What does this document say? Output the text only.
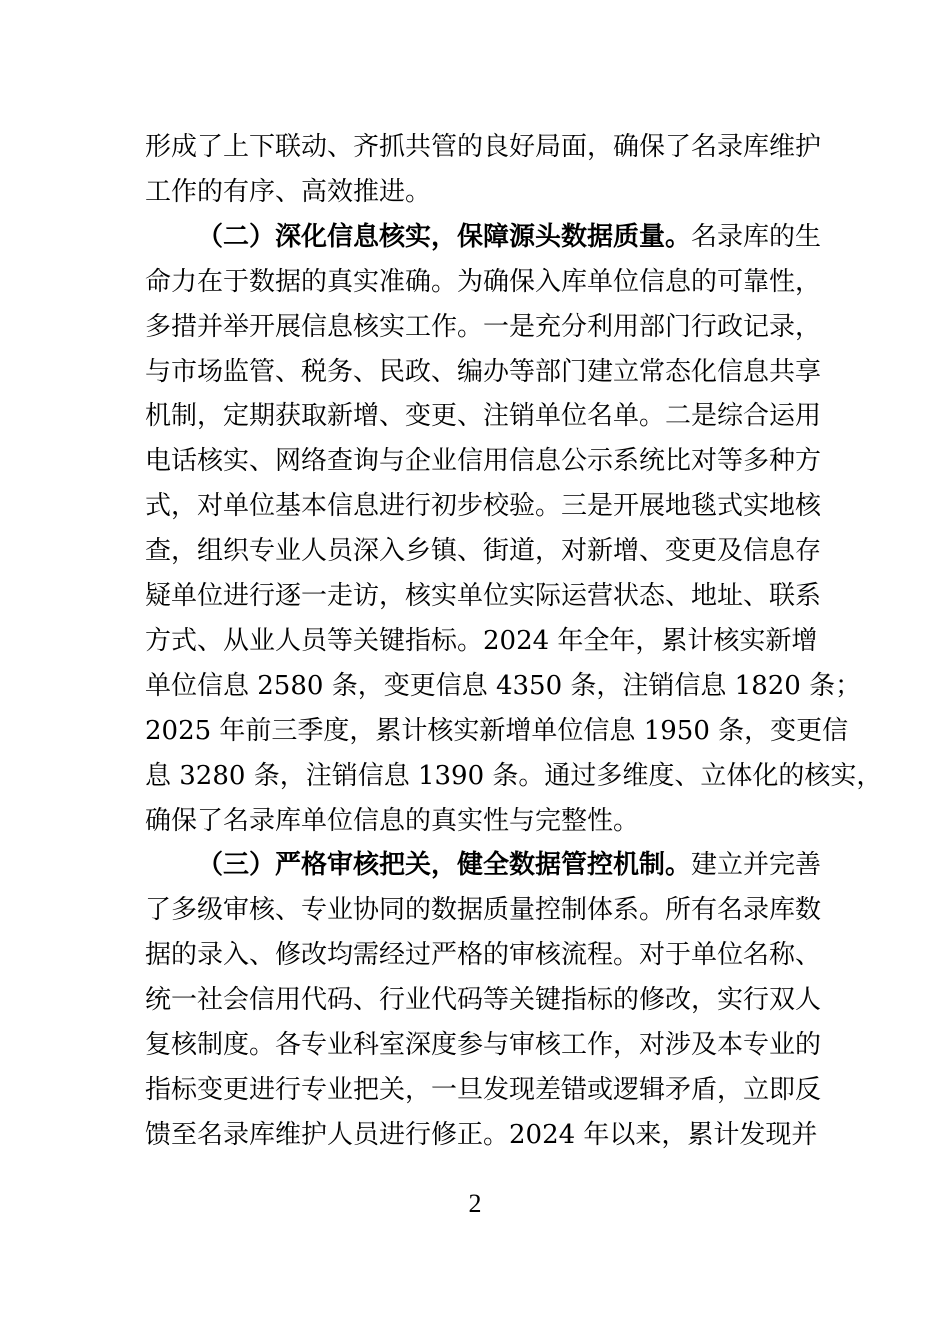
形成了上下联动、齐抓共管的良好局面，确保了名录库维护
工作的有序、高效推进。
（二）深化信息核实，保障源头数据质量。名录库的生
命力在于数据的真实准确。为确保入库单位信息的可靠性，
多措并举开展信息核实工作。一是充分利用部门行政记录，
与市场监管、税务、民政、编办等部门建立常态化信息共享
机制，定期获取新增、变更、注销单位名单。二是综合运用
电话核实、网络查询与企业信用信息公示系统比对等多种方
式，对单位基本信息进行初步校验。三是开展地毯式实地核
查，组织专业人员深入乡镇、街道，对新增、变更及信息存
疑单位进行逐一走访，核实单位实际运营状态、地址、联系
方式、从业人员等关键指标。2024 年全年，累计核实新增
单位信息 2580 条，变更信息 4350 条，注销信息 1820 条；
2025 年前三季度，累计核实新增单位信息 1950 条，变更信
息 3280 条，注销信息 1390 条。通过多维度、立体化的核实，
确保了名录库单位信息的真实性与完整性。
（三）严格审核把关，健全数据管控机制。建立并完善
了多级审核、专业协同的数据质量控制体系。所有名录库数
据的录入、修改均需经过严格的审核流程。对于单位名称、
统一社会信用代码、行业代码等关键指标的修改，实行双人
复核制度。各专业科室深度参与审核工作，对涉及本专业的
指标变更进行专业把关，一旦发现差错或逻辑矛盾，立即反
馈至名录库维护人员进行修正。2024 年以来，累计发现并
2
